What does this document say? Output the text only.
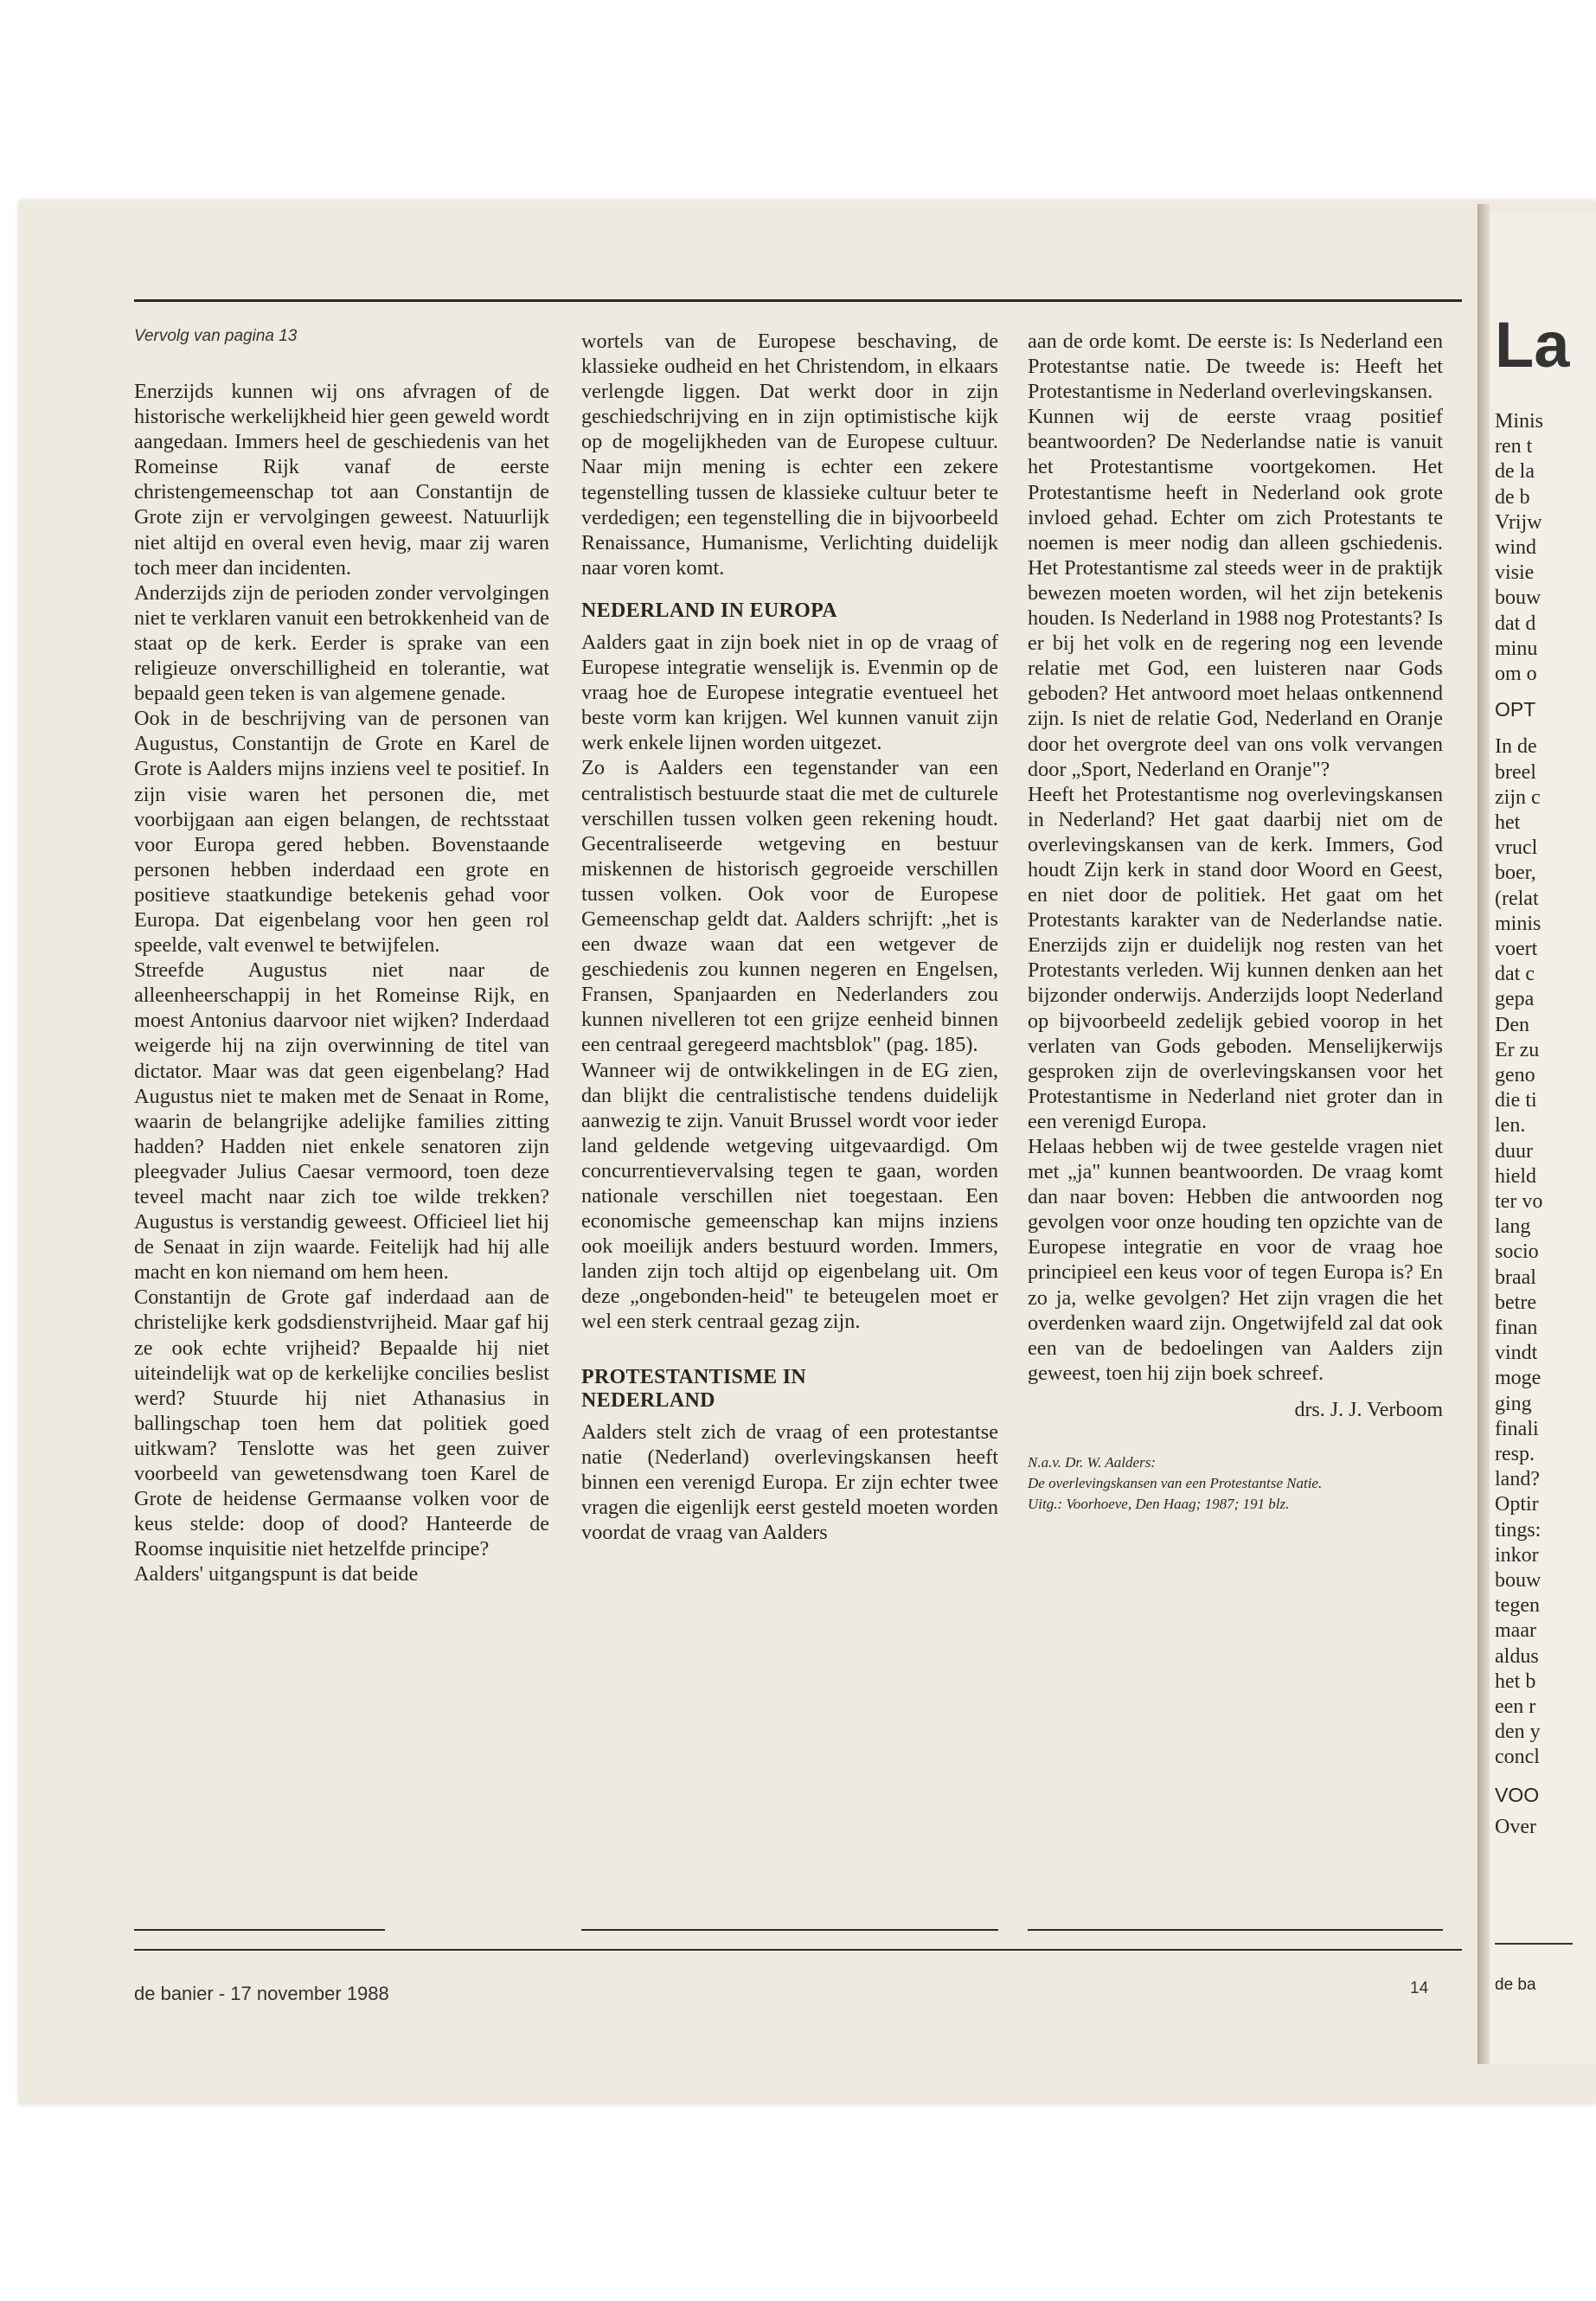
Vervolg van pagina 13

Enerzijds kunnen wij ons afvragen of de historische werkelijkheid hier geen geweld wordt aangedaan. Immers heel de geschiedenis van het Romeinse Rijk vanaf de eerste christengemeenschap tot aan Constantijn de Grote zijn er vervolgingen geweest. Natuurlijk niet altijd en overal even hevig, maar zij waren toch meer dan incidenten.

Anderzijds zijn de perioden zonder vervolgingen niet te verklaren vanuit een betrokkenheid van de staat op de kerk. Eerder is sprake van een religieuze onverschilligheid en tolerantie, wat bepaald geen teken is van algemene genade.

Ook in de beschrijving van de personen van Augustus, Constantijn de Grote en Karel de Grote is Aalders mijns inziens veel te positief. In zijn visie waren het personen die, met voorbijgaan aan eigen belangen, de rechtsstaat voor Europa gered hebben. Bovenstaande personen hebben inderdaad een grote en positieve staatkundige betekenis gehad voor Europa. Dat eigenbelang voor hen geen rol speelde, valt evenwel te betwijfelen.

Streefde Augustus niet naar de alleenheerschappij in het Romeinse Rijk, en moest Antonius daarvoor niet wijken? Inderdaad weigerde hij na zijn overwinning de titel van dictator. Maar was dat geen eigenbelang? Had Augustus niet te maken met de Senaat in Rome, waarin de belangrijke adelijke families zitting hadden? Hadden niet enkele senatoren zijn pleegvader Julius Caesar vermoord, toen deze teveel macht naar zich toe wilde trekken? Augustus is verstandig geweest. Officieel liet hij de Senaat in zijn waarde. Feitelijk had hij alle macht en kon niemand om hem heen.

Constantijn de Grote gaf inderdaad aan de christelijke kerk godsdienstvrijheid. Maar gaf hij ze ook echte vrijheid? Bepaalde hij niet uiteindelijk wat op de kerkelijke concilies beslist werd? Stuurde hij niet Athanasius in ballingschap toen hem dat politiek goed uitkwam? Tenslotte was het geen zuiver voorbeeld van gewetensdwang toen Karel de Grote de heidense Germaanse volken voor de keus stelde: doop of dood? Hanteerde de Roomse inquisitie niet hetzelfde principe?

Aalders' uitgangspunt is dat beide

wortels van de Europese beschaving, de klassieke oudheid en het Christendom, in elkaars verlengde liggen. Dat werkt door in zijn geschiedschrijving en in zijn optimistische kijk op de mogelijkheden van de Europese cultuur. Naar mijn mening is echter een zekere tegenstelling tussen de klassieke cultuur beter te verdedigen; een tegenstelling die in bijvoorbeeld Renaissance, Humanisme, Verlichting duidelijk naar voren komt.

NEDERLAND IN EUROPA

Aalders gaat in zijn boek niet in op de vraag of Europese integratie wenselijk is. Evenmin op de vraag hoe de Europese integratie eventueel het beste vorm kan krijgen. Wel kunnen vanuit zijn werk enkele lijnen worden uitgezet.

Zo is Aalders een tegenstander van een centralistisch bestuurde staat die met de culturele verschillen tussen volken geen rekening houdt. Gecentraliseerde wetgeving en bestuur miskennen de historisch gegroeide verschillen tussen volken. Ook voor de Europese Gemeenschap geldt dat. Aalders schrijft: „het is een dwaze waan dat een wetgever de geschiedenis zou kunnen negeren en Engelsen, Fransen, Spanjaarden en Nederlanders zou kunnen nivelleren tot een grijze eenheid binnen een centraal geregeerd machtsblok" (pag. 185).

Wanneer wij de ontwikkelingen in de EG zien, dan blijkt die centralistische tendens duidelijk aanwezig te zijn. Vanuit Brussel wordt voor ieder land geldende wetgeving uitgevaardigd. Om concurrentievervalsing tegen te gaan, worden nationale verschillen niet toegestaan. Een economische gemeenschap kan mijns inziens ook moeilijk anders bestuurd worden. Immers, landen zijn toch altijd op eigenbelang uit. Om deze „ongebonden-heid" te beteugelen moet er wel een sterk centraal gezag zijn.

PROTESTANTISME IN
NEDERLAND

Aalders stelt zich de vraag of een protestantse natie (Nederland) overlevingskansen heeft binnen een verenigd Europa. Er zijn echter twee vragen die eigenlijk eerst gesteld moeten worden voordat de vraag van Aalders

aan de orde komt. De eerste is: Is Nederland een Protestantse natie. De tweede is: Heeft het Protestantisme in Nederland overlevingskansen.

Kunnen wij de eerste vraag positief beantwoorden? De Nederlandse natie is vanuit het Protestantisme voortgekomen. Het Protestantisme heeft in Nederland ook grote invloed gehad. Echter om zich Protestants te noemen is meer nodig dan alleen gschiedenis. Het Protestantisme zal steeds weer in de praktijk bewezen moeten worden, wil het zijn betekenis houden. Is Nederland in 1988 nog Protestants? Is er bij het volk en de regering nog een levende relatie met God, een luisteren naar Gods geboden? Het antwoord moet helaas ontkennend zijn. Is niet de relatie God, Nederland en Oranje door het overgrote deel van ons volk vervangen door „Sport, Nederland en Oranje"?

Heeft het Protestantisme nog overlevingskansen in Nederland? Het gaat daarbij niet om de overlevingskansen van de kerk. Immers, God houdt Zijn kerk in stand door Woord en Geest, en niet door de politiek. Het gaat om het Protestants karakter van de Nederlandse natie. Enerzijds zijn er duidelijk nog resten van het Protestants verleden. Wij kunnen denken aan het bijzonder onderwijs. Anderzijds loopt Nederland op bijvoorbeeld zedelijk gebied voorop in het verlaten van Gods geboden. Menselijkerwijs gesproken zijn de overlevingskansen voor het Protestantisme in Nederland niet groter dan in een verenigd Europa.

Helaas hebben wij de twee gestelde vragen niet met „ja" kunnen beantwoorden. De vraag komt dan naar boven: Hebben die antwoorden nog gevolgen voor onze houding ten opzichte van de Europese integratie en voor de vraag hoe principieel een keus voor of tegen Europa is? En zo ja, welke gevolgen? Het zijn vragen die het overdenken waard zijn. Ongetwijfeld zal dat ook een van de bedoelingen van Aalders zijn geweest, toen hij zijn boek schreef.

drs. J. J. Verboom
N.a.v. Dr. W. Aalders:
De overlevingskansen van een Protestantse Natie.
Uitg.: Voorhoeve, Den Haag; 1987; 191 blz.
de banier - 17 november 1988	14
La
Minis
ren t
de la
de b
Vrijw
wind
visie
bouw
dat d
minu
om o
OPT
In de
breel
zijn c
het
vrucl
boer,
(relat
minis
voert
dat c
gepa
Den
Er zu
geno
die ti
len.
duur
hield
ter vo
lang
socio
braal
betre
finan
vindt
moge
ging
finali
resp.
land?
Optir
tings:
inkor
bouw
tegen
maar
aldus
het b
een r
den y
concl
VOO
Over
de ba
